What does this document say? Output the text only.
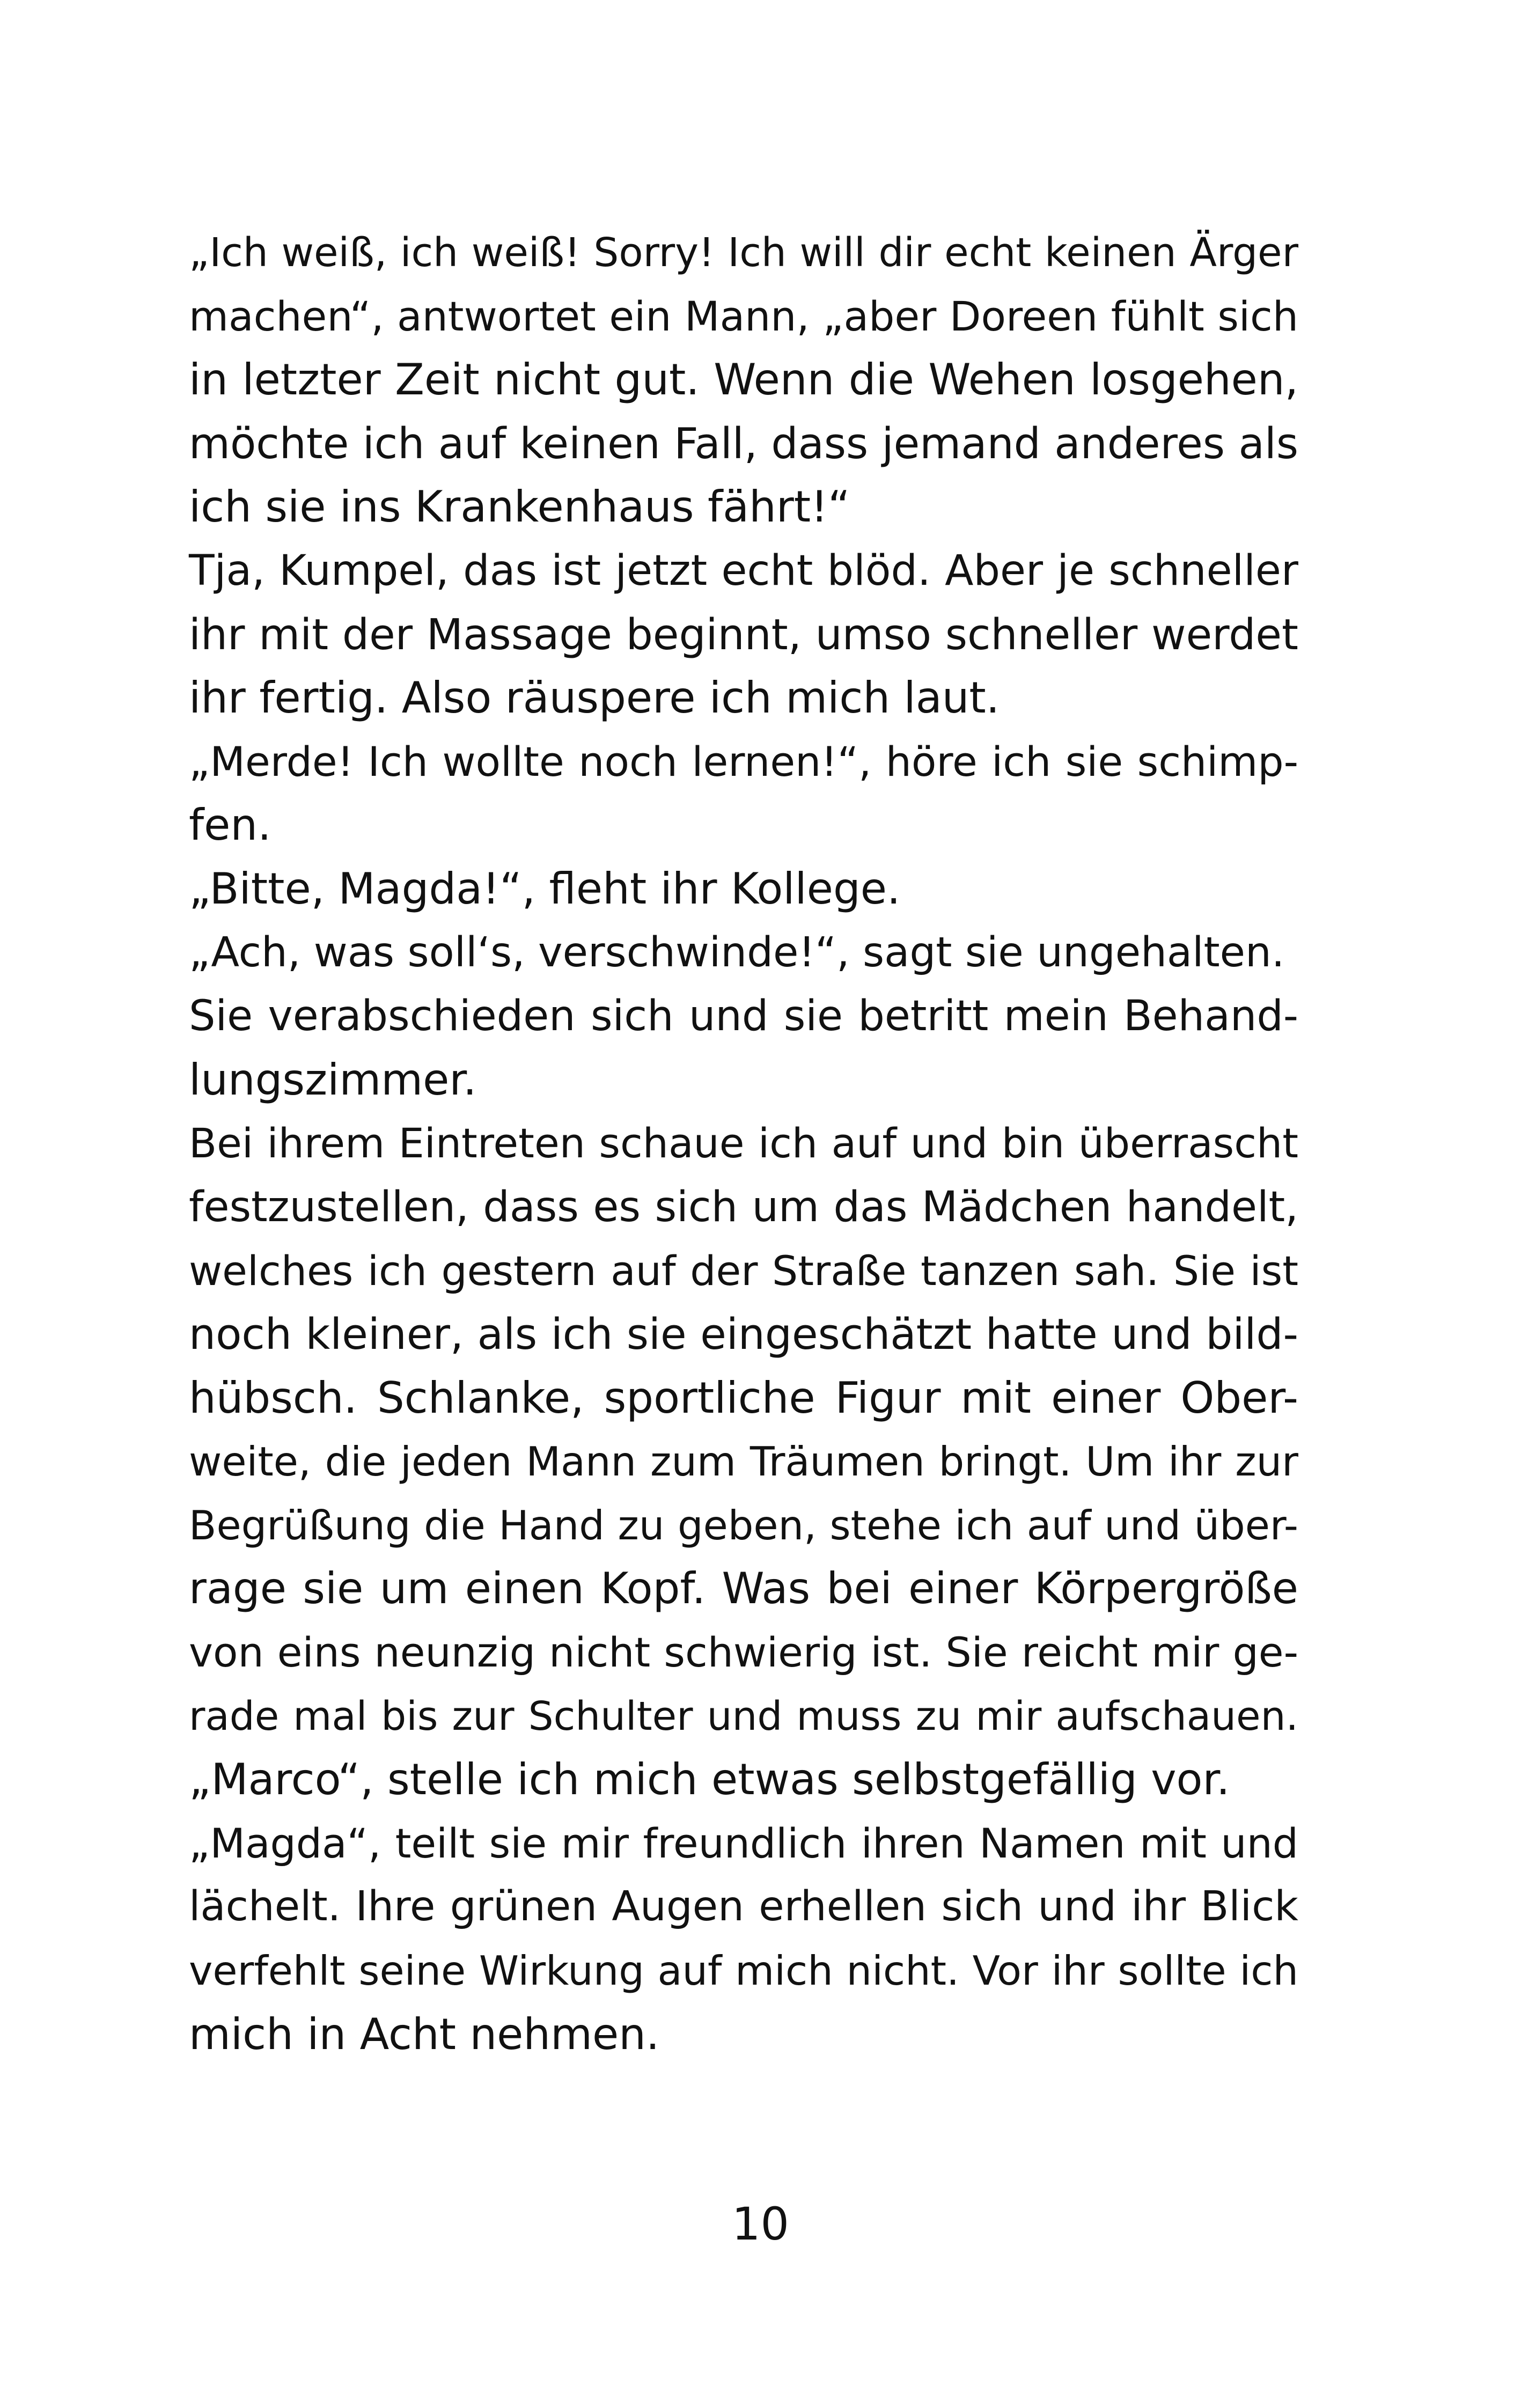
„Ich weiß, ich weiß! Sorry! Ich will dir echt keinen Ärger
machen“, antwortet ein Mann, „aber Doreen fühlt sich
in letzter Zeit nicht gut. Wenn die Wehen losgehen,
möchte ich auf keinen Fall, dass jemand anderes als
ich sie ins Krankenhaus fährt!“
Tja, Kumpel, das ist jetzt echt blöd. Aber je schneller
ihr mit der Massage beginnt, umso schneller werdet
ihr fertig. Also räuspere ich mich laut.
„Merde! Ich wollte noch lernen!“, höre ich sie schimp-
fen.
„Bitte, Magda!“, fleht ihr Kollege.
„Ach, was soll‘s, verschwinde!“, sagt sie ungehalten.
Sie verabschieden sich und sie betritt mein Behand-
lungszimmer.
Bei ihrem Eintreten schaue ich auf und bin überrascht
festzustellen, dass es sich um das Mädchen handelt,
welches ich gestern auf der Straße tanzen sah. Sie ist
noch kleiner, als ich sie eingeschätzt hatte und bild-
hübsch. Schlanke, sportliche Figur mit einer Ober-
weite, die jeden Mann zum Träumen bringt. Um ihr zur
Begrüßung die Hand zu geben, stehe ich auf und über-
rage sie um einen Kopf. Was bei einer Körpergröße
von eins neunzig nicht schwierig ist. Sie reicht mir ge-
rade mal bis zur Schulter und muss zu mir aufschauen.
„Marco“, stelle ich mich etwas selbstgefällig vor.
„Magda“, teilt sie mir freundlich ihren Namen mit und
lächelt. Ihre grünen Augen erhellen sich und ihr Blick
verfehlt seine Wirkung auf mich nicht. Vor ihr sollte ich
mich in Acht nehmen.
10
